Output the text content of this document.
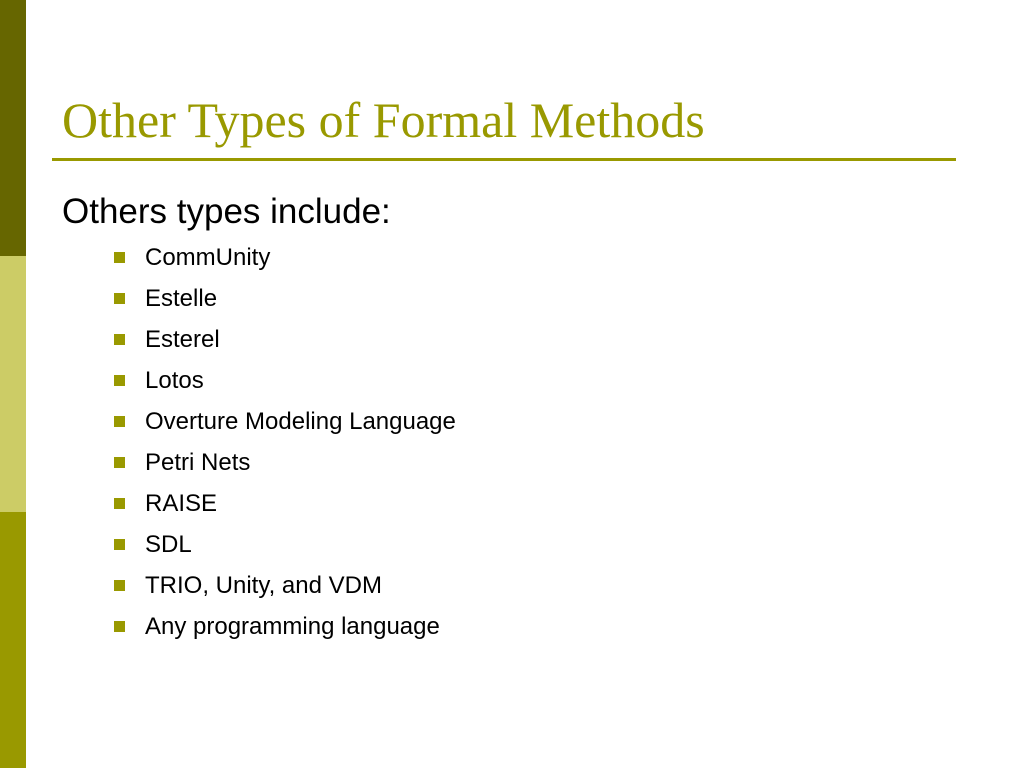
Other Types of Formal Methods

Others types include:

CommUnity
Estelle
Esterel
Lotos
Overture Modeling Language
Petri Nets
RAISE
SDL
TRIO, Unity, and VDM
Any programming language
